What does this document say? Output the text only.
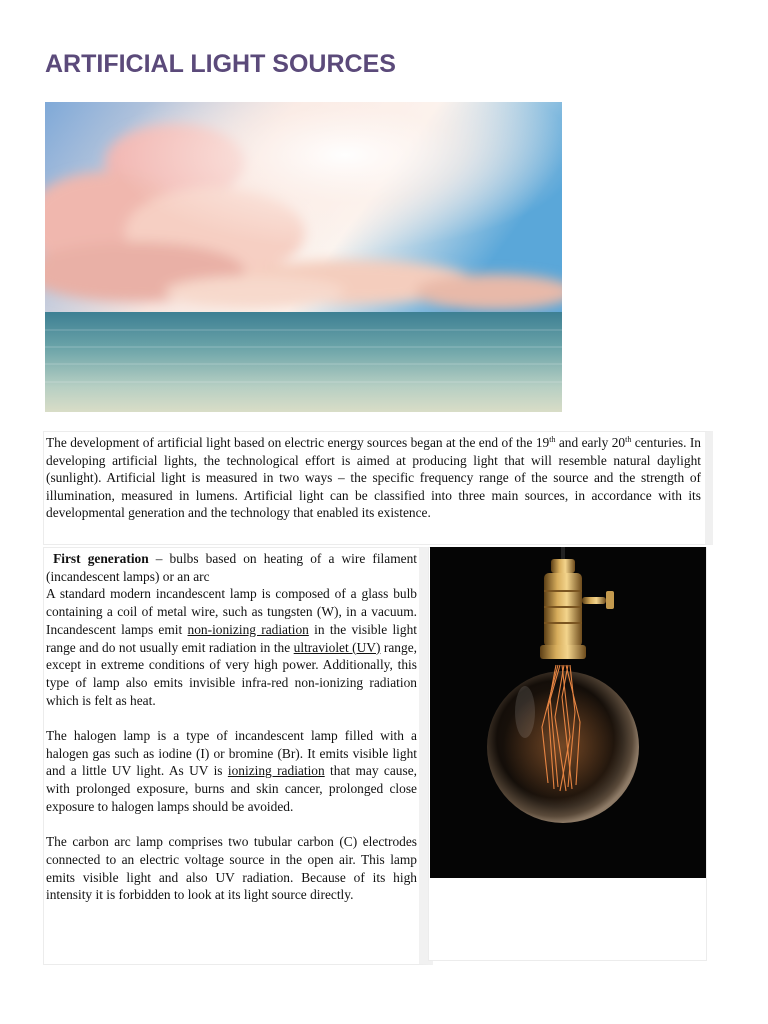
ARTIFICIAL LIGHT SOURCES
The development of artificial light based on electric energy sources began at the end of the 19th and early 20th centuries. In developing artificial lights, the technological effort is aimed at producing light that will resemble natural daylight (sunlight). Artificial light is measured in two ways – the specific frequency range of the source and the strength of illumination, measured in lumens. Artificial light can be classified into three main sources, in accordance with its developmental generation and the technology that enabled its existence.

First generation – bulbs based on heating of a wire filament (incandescent lamps) or an arc

A standard modern incandescent lamp is composed of a glass bulb containing a coil of metal wire, such as tungsten (W), in a vacuum. Incandescent lamps emit non-ionizing radiation in the visible light range and do not usually emit radiation in the ultraviolet (UV) range, except in extreme conditions of very high power. Additionally, this type of lamp also emits invisible infra-red non-ionizing radiation which is felt as heat.

The halogen lamp is a type of incandescent lamp filled with a halogen gas such as iodine (I) or bromine (Br). It emits visible light and a little UV light. As UV is ionizing radiation that may cause, with prolonged exposure, burns and skin cancer, prolonged close exposure to halogen lamps should be avoided.

The carbon arc lamp comprises two tubular carbon (C) electrodes connected to an electric voltage source in the open air. This lamp emits visible light and also UV radiation. Because of its high intensity it is forbidden to look at its light source directly.
